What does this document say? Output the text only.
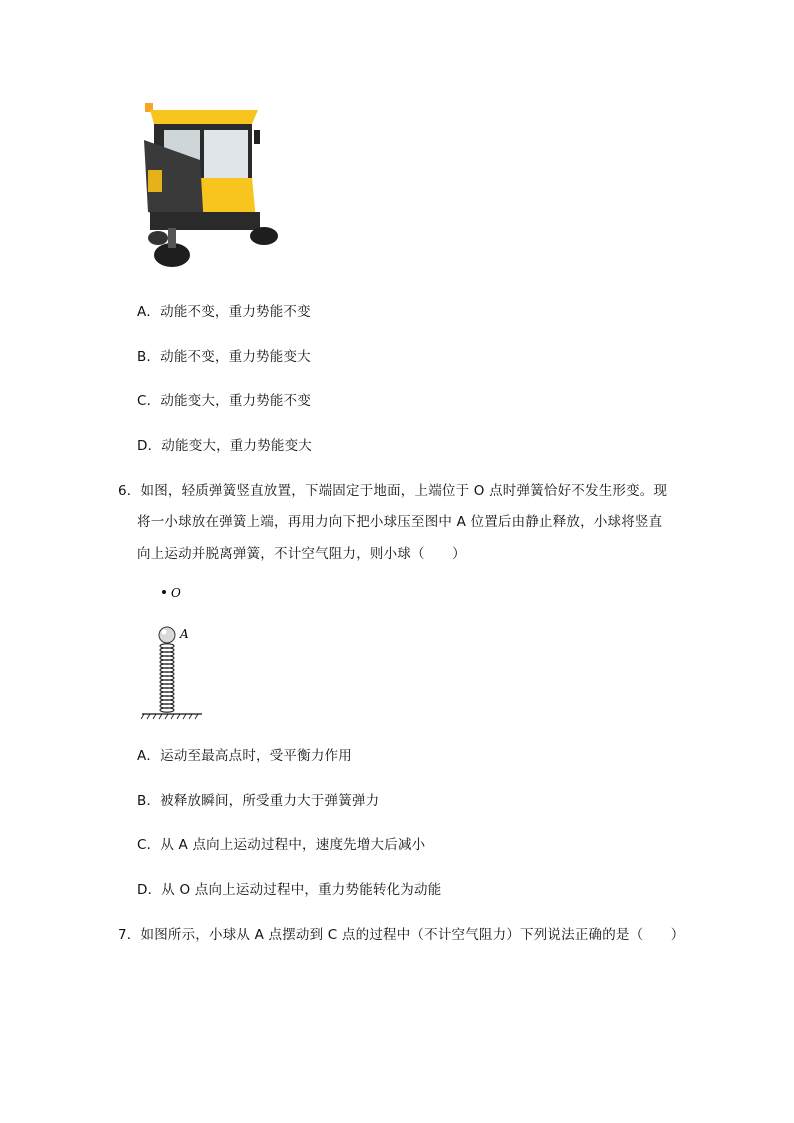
A．动能不变，重力势能不变
B．动能不变，重力势能变大
C．动能变大，重力势能不变
D．动能变大，重力势能变大
6．如图，轻质弹簧竖直放置，下端固定于地面，上端位于 O 点时弹簧恰好不发生形变。现
将一小球放在弹簧上端，再用力向下把小球压至图中 A 位置后由静止释放，小球将竖直
向上运动并脱离弹簧，不计空气阻力，则小球（　　）
O
A
A．运动至最高点时，受平衡力作用
B．被释放瞬间，所受重力大于弹簧弹力
C．从 A 点向上运动过程中，速度先增大后减小
D．从 O 点向上运动过程中，重力势能转化为动能
7．如图所示，小球从 A 点摆动到 C 点的过程中（不计空气阻力）下列说法正确的是（　　）
